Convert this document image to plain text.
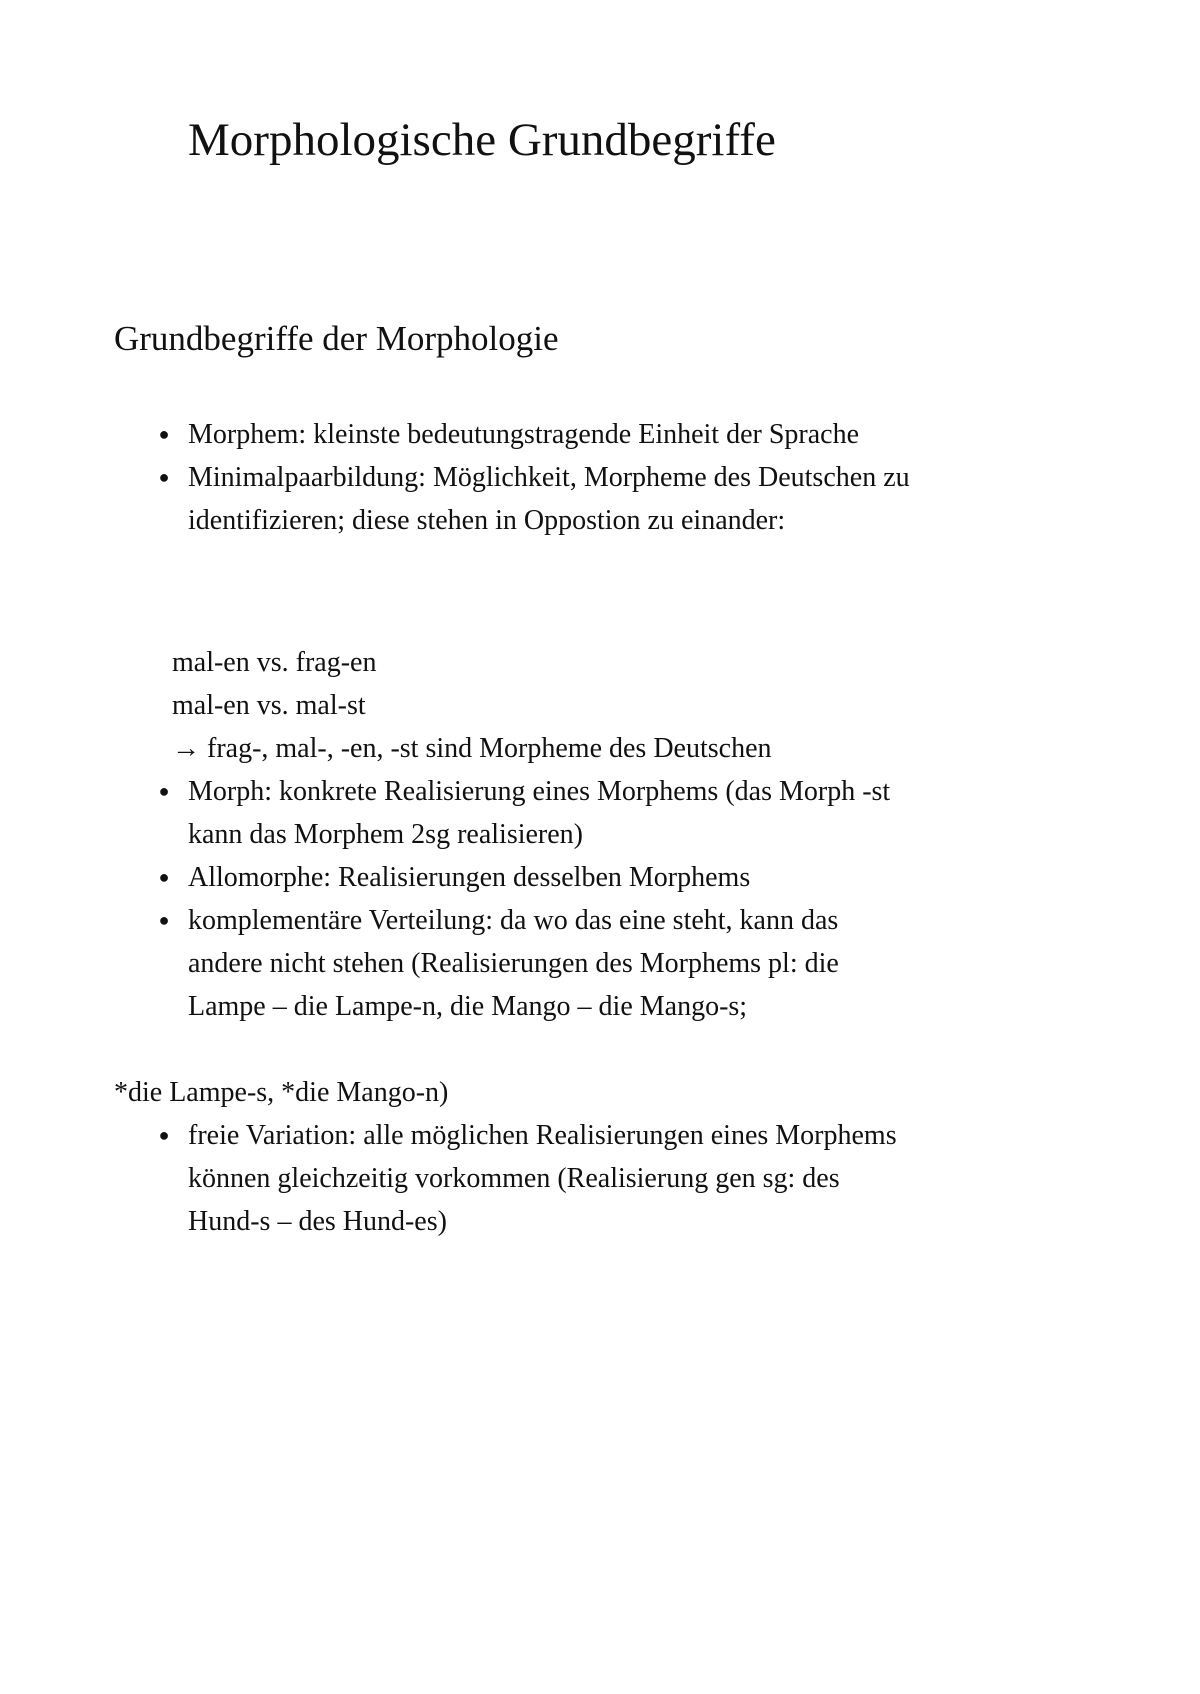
Morphologische Grundbegriffe
Grundbegriffe der Morphologie
● Morphem: kleinste bedeutungstragende Einheit der Sprache
● Minimalpaarbildung: Möglichkeit, Morpheme des Deutschen zu identifizieren; diese stehen in Oppostion zu einander:
mal-en vs. frag-en
mal-en vs. mal-st
→ frag-, mal-, -en, -st sind Morpheme des Deutschen
● Morph: konkrete Realisierung eines Morphems (das Morph -st kann das Morphem 2sg realisieren)
● Allomorphe: Realisierungen desselben Morphems
● komplementäre Verteilung: da wo das eine steht, kann das andere nicht stehen (Realisierungen des Morphems pl: die Lampe – die Lampe-n, die Mango – die Mango-s;
*die Lampe-s, *die Mango-n)
● freie Variation: alle möglichen Realisierungen eines Morphems können gleichzeitig vorkommen (Realisierung gen sg: des Hund-s – des Hund-es)
